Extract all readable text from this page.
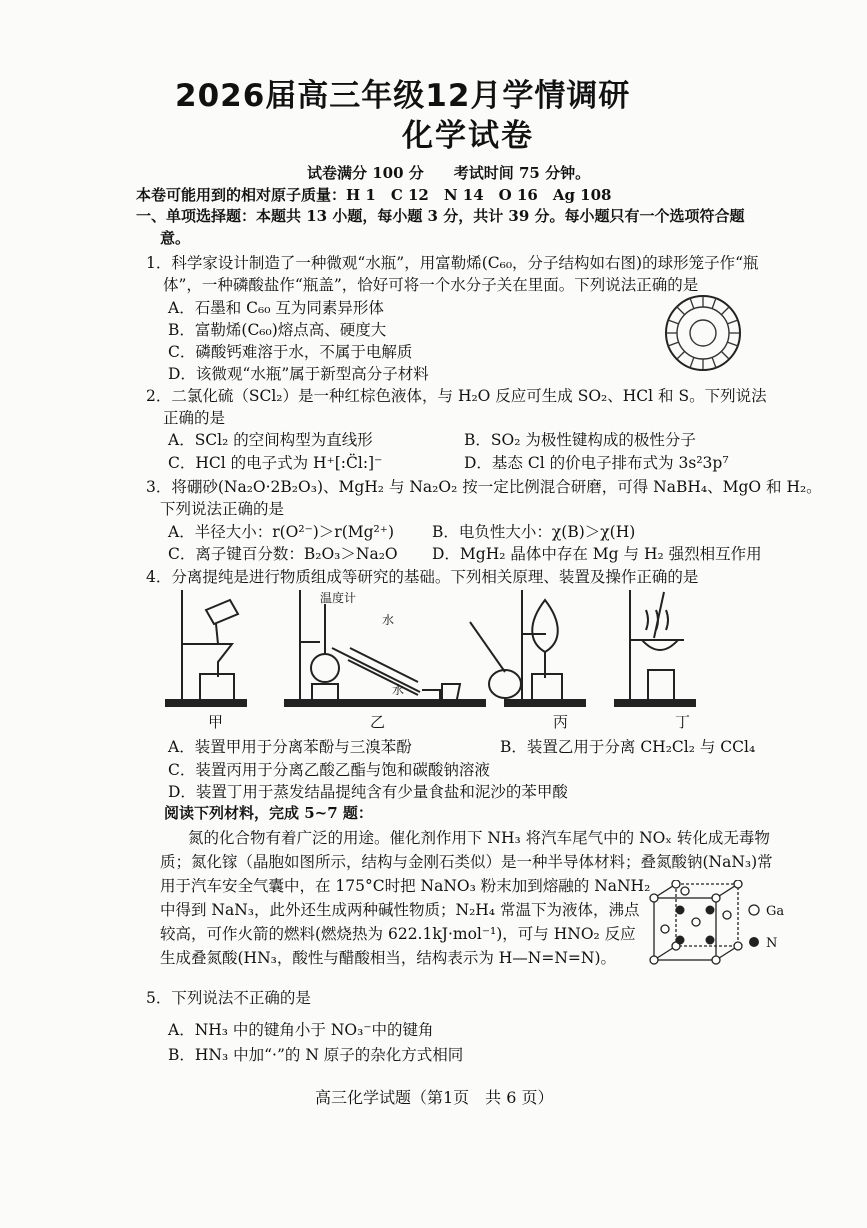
2026届高三年级12月学情调研
化学试卷
试卷满分 100 分　　考试时间 75 分钟。
本卷可能用到的相对原子质量：H 1　C 12　N 14　O 16　Ag 108
一、单项选择题：本题共 13 小题，每小题 3 分，共计 39 分。每小题只有一个选项符合题
意。
1．科学家设计制造了一种微观“水瓶”，用富勒烯(C₆₀，分子结构如右图)的球形笼子作“瓶
体”，一种磷酸盐作“瓶盖”，恰好可将一个水分子关在里面。下列说法正确的是
A．石墨和 C₆₀ 互为同素异形体
B．富勒烯(C₆₀)熔点高、硬度大
C．磷酸钙难溶于水，不属于电解质
D．该微观“水瓶”属于新型高分子材料
2．二氯化硫（SCl₂）是一种红棕色液体，与 H₂O 反应可生成 SO₂、HCl 和 S。下列说法
正确的是
A．SCl₂ 的空间构型为直线形	B．SO₂ 为极性键构成的极性分子
C．HCl 的电子式为 H⁺[:C̈l:]⁻	D．基态 Cl 的价电子排布式为 3s²3p⁷
3．将硼砂(Na₂O·2B₂O₃)、MgH₂ 与 Na₂O₂ 按一定比例混合研磨，可得 NaBH₄、MgO 和 H₂。
下列说法正确的是
A．半径大小：r(O²⁻)＞r(Mg²⁺) B．电负性大小：χ(B)＞χ(H)
C．离子键百分数：B₂O₃＞Na₂O D．MgH₂ 晶体中存在 Mg 与 H₂ 强烈相互作用
4．分离提纯是进行物质组成等研究的基础。下列相关原理、装置及操作正确的是
温度计
水
水
甲	乙	丙	丁
A．装置甲用于分离苯酚与三溴苯酚	B．装置乙用于分离 CH₂Cl₂ 与 CCl₄
C．装置丙用于分离乙酸乙酯与饱和碳酸钠溶液
D．装置丁用于蒸发结晶提纯含有少量食盐和泥沙的苯甲酸
阅读下列材料，完成 5~7 题：
氮的化合物有着广泛的用途。催化剂作用下 NH₃ 将汽车尾气中的 NOₓ 转化成无毒物
质；氮化镓（晶胞如图所示，结构与金刚石类似）是一种半导体材料；叠氮酸钠(NaN₃)常
用于汽车安全气囊中，在 175°C时把 NaNO₃ 粉末加到熔融的 NaNH₂
中得到 NaN₃，此外还生成两种碱性物质；N₂H₄ 常温下为液体，沸点
较高，可作火箭的燃料(燃烧热为 622.1kJ·mol⁻¹)，可与 HNO₂ 反应
生成叠氮酸(HN₃，酸性与醋酸相当，结构表示为 H—N=N=N)。
Ga
N
5．下列说法不正确的是
A．NH₃ 中的键角小于 NO₃⁻中的键角
B．HN₃ 中加“·”的 N 原子的杂化方式相同
高三化学试题（第1页　共 6 页）
